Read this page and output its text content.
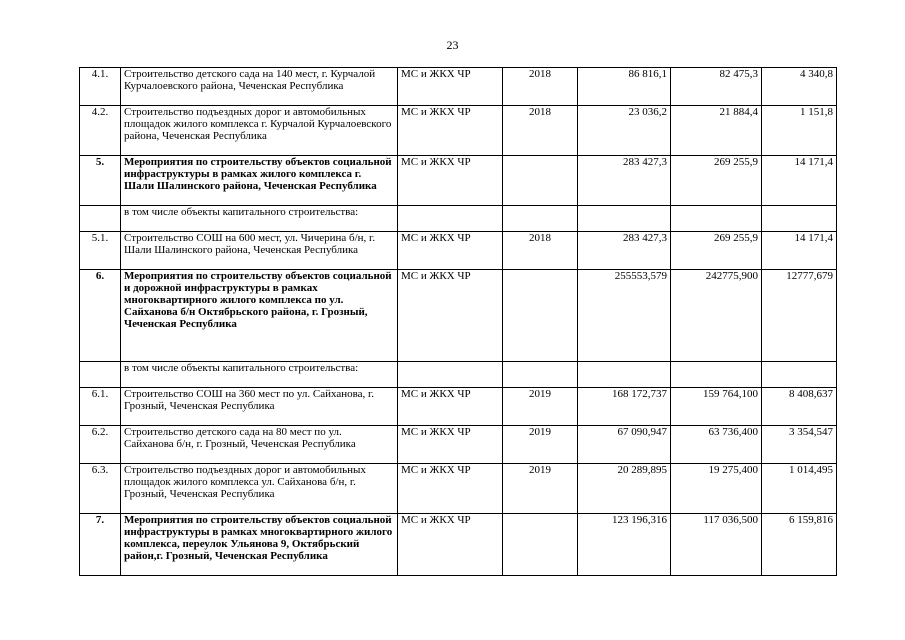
23
4.1.	Строительство детского сада на 140 мест, г. Курчалой Курчалоевского района, Чеченская Республика	МС и ЖКХ ЧР	2018	86 816,1	82 475,3	4 340,8
4.2.	Строительство подъездных дорог и автомобильных площадок жилого комплекса г. Курчалой Курчалоевского района, Чеченская Республика	МС и ЖКХ ЧР	2018	23 036,2	21 884,4	1 151,8
5.	Мероприятия по строительству объектов социальной инфраструктуры в рамках жилого комплекса г. Шали Шалинского района, Чеченская Республика	МС и ЖКХ ЧР		283 427,3	269 255,9	14 171,4
	в том числе объекты капитального строительства:					
5.1.	Строительство СОШ на 600 мест, ул. Чичерина б/н, г. Шали Шалинского района, Чеченская Республика	МС и ЖКХ ЧР	2018	283 427,3	269 255,9	14 171,4
6.	Мероприятия по строительству объектов социальной и дорожной инфраструктуры в рамках многоквартирного жилого комплекса по ул. Сайханова б/н Октябрьского района, г. Грозный, Чеченская Республика	МС и ЖКХ ЧР		255553,579	242775,900	12777,679
	в том числе объекты капитального строительства:					
6.1.	Строительство СОШ на 360 мест по ул. Сайханова, г. Грозный, Чеченская Республика	МС и ЖКХ ЧР	2019	168 172,737	159 764,100	8 408,637
6.2.	Строительство детского сада на 80 мест по ул. Сайханова б/н, г. Грозный, Чеченская Республика	МС и ЖКХ ЧР	2019	67 090,947	63 736,400	3 354,547
6.3.	Строительство подъездных дорог и автомобильных площадок жилого комплекса ул. Сайханова б/н, г. Грозный, Чеченская Республика	МС и ЖКХ ЧР	2019	20 289,895	19 275,400	1 014,495
7.	Мероприятия по строительству объектов социальной инфраструктуры в рамках многоквартирного жилого комплекса, переулок Ульянова 9, Октябрьский район,г. Грозный, Чеченская Республика	МС и ЖКХ ЧР		123 196,316	117 036,500	6 159,816
